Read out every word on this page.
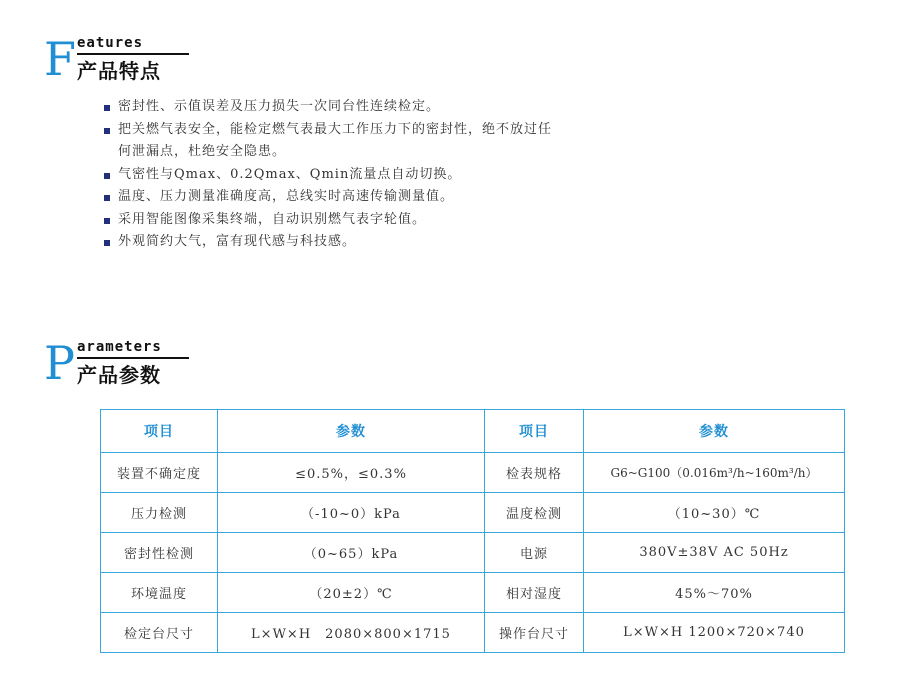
F eatures
产品特点
密封性、示值误差及压力损失一次同台性连续检定。
把关燃气表安全，能检定燃气表最大工作压力下的密封性，绝不放过任
何泄漏点，杜绝安全隐患。
气密性与Qmax、0.2Qmax、Qmin流量点自动切换。
温度、压力测量准确度高，总线实时高速传输测量值。
采用智能图像采集终端，自动识别燃气表字轮值。
外观简约大气，富有现代感与科技感。
P arameters
产品参数
项目	参数	项目	参数
装置不确定度	≤0.5%，≤0.3%	检表规格	G6~G100（0.016m³/h~160m³/h）
压力检测	（-10~0）kPa	温度检测	（10~30）℃
密封性检测	（0~65）kPa	电源	380V±38V AC 50Hz
环境温度	（20±2）℃	相对湿度	45%～70%
检定台尺寸	L×W×H　2080×800×1715	操作台尺寸	L×W×H 1200×720×740
